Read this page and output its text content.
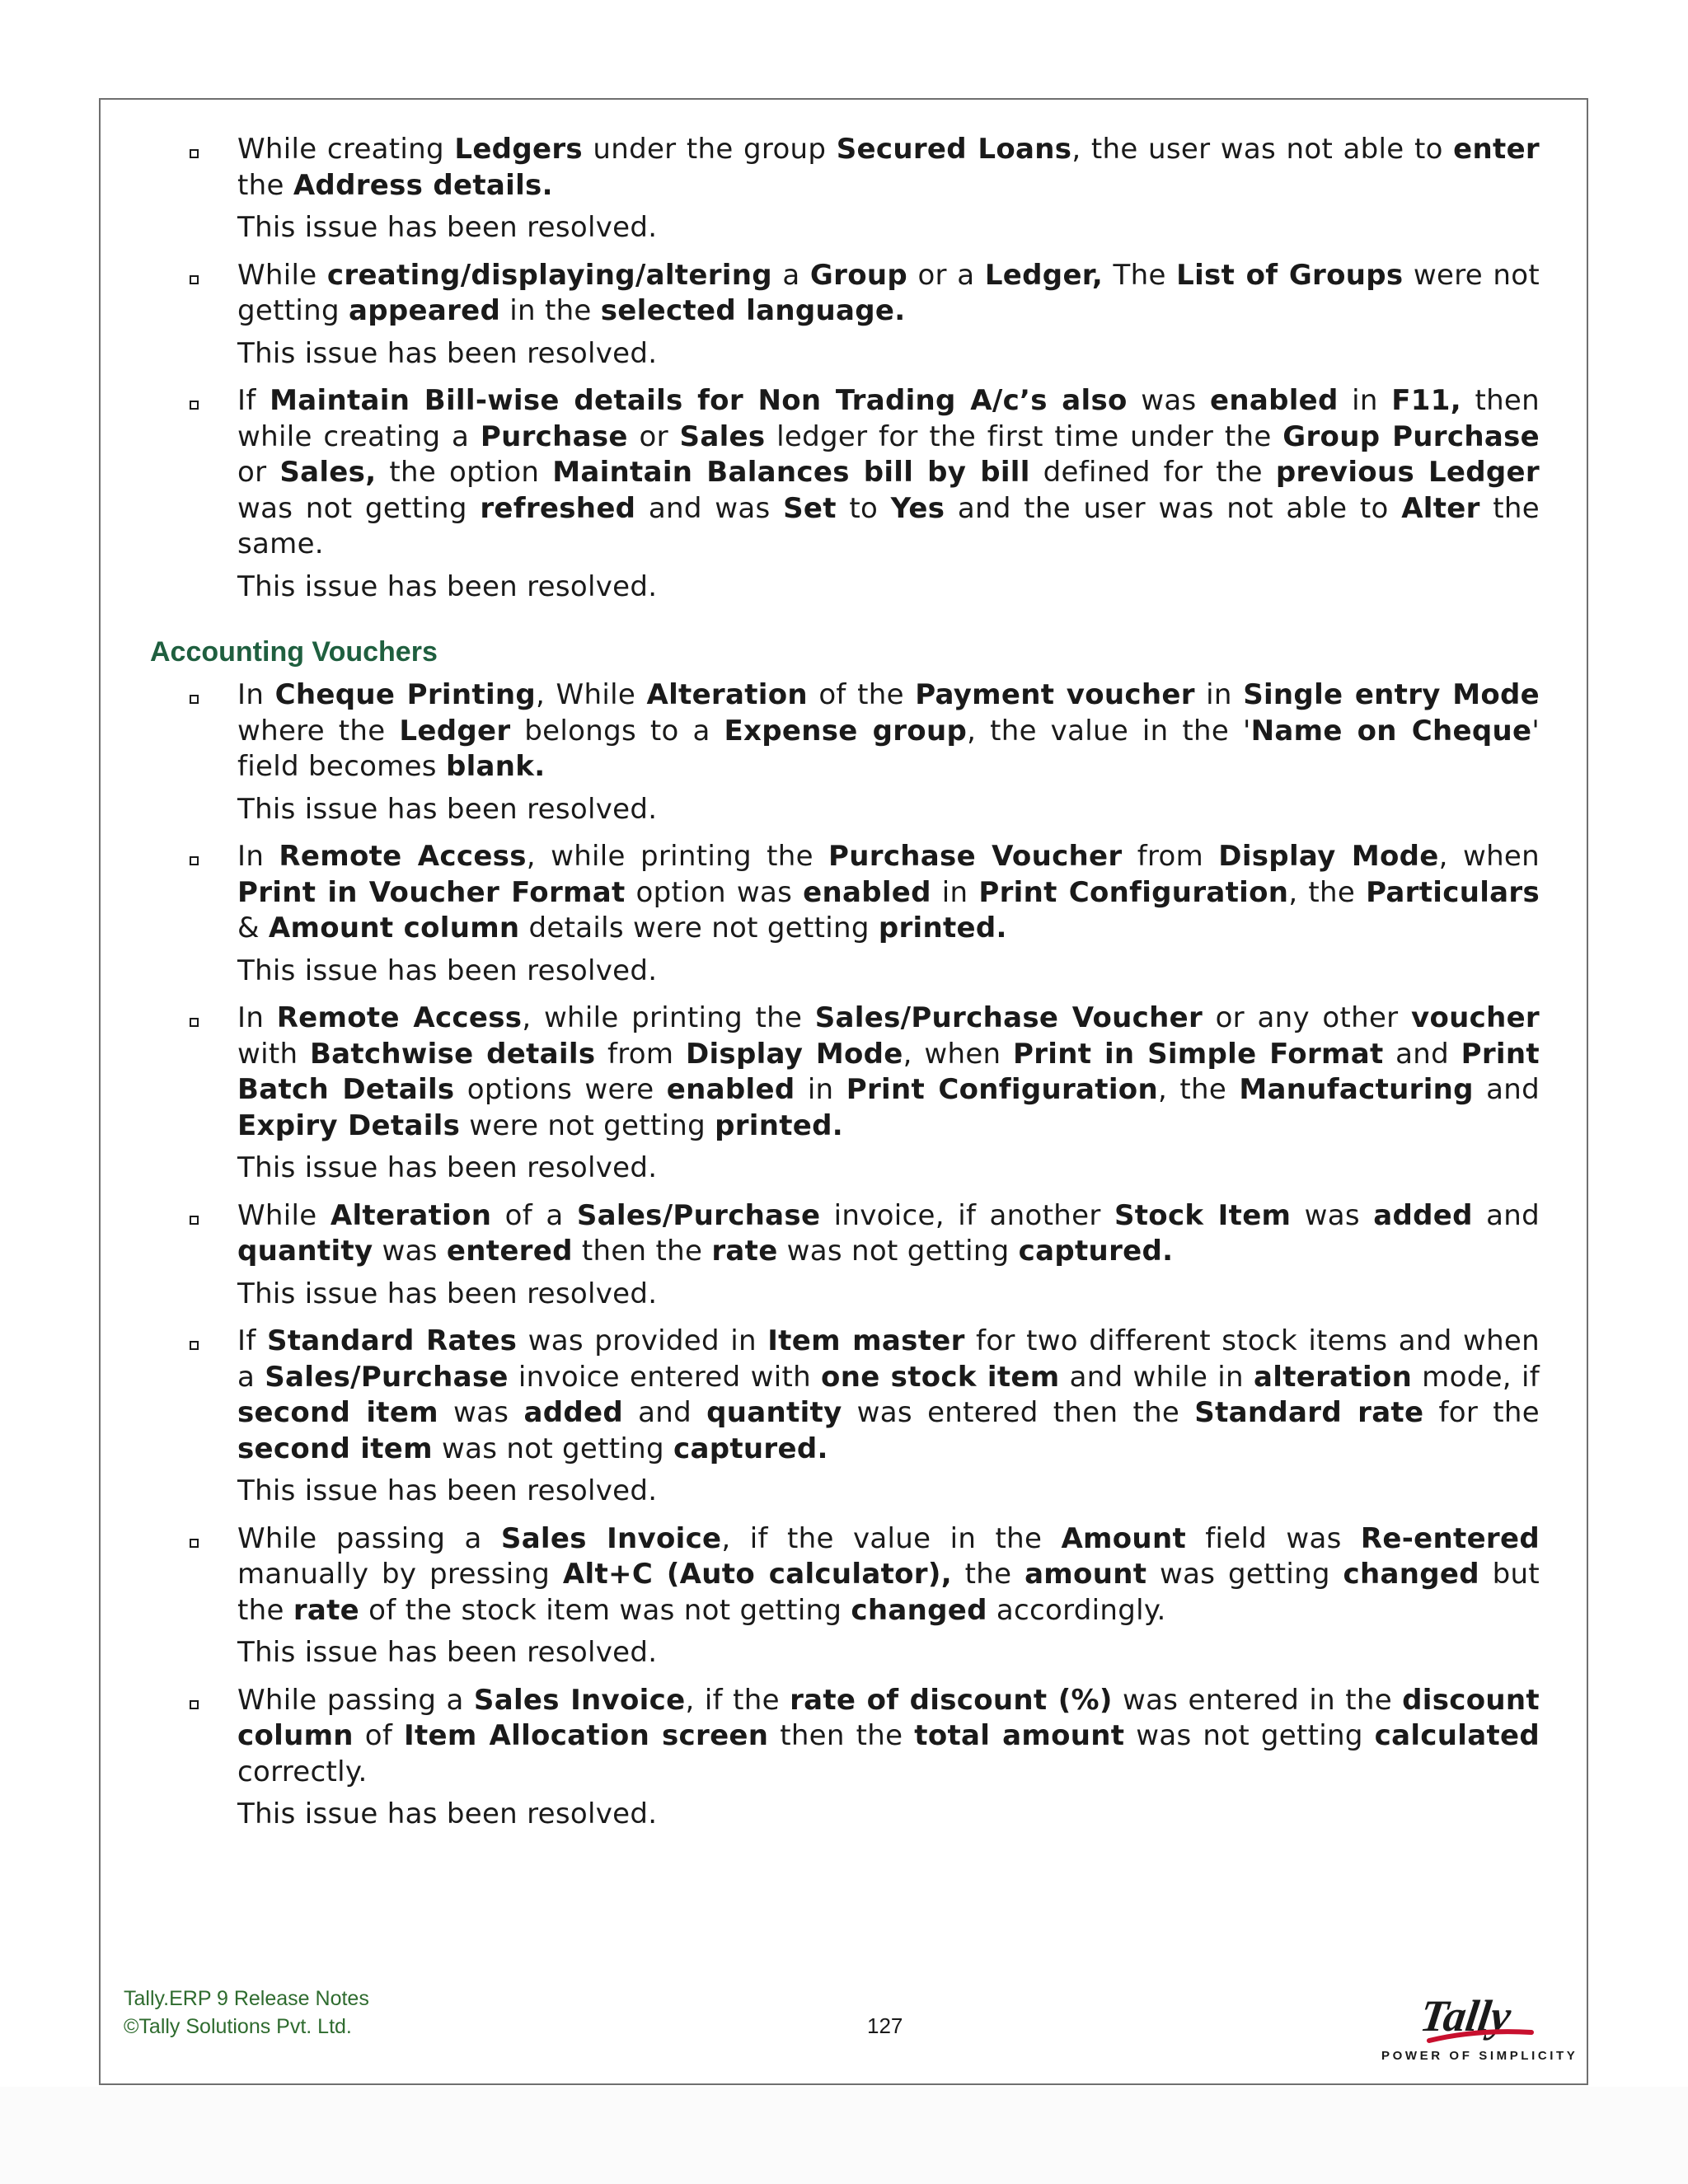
While creating Ledgers under the group Secured Loans, the user was not able to enter the Address details.

This issue has been resolved.

While creating/displaying/altering a Group or a Ledger, The List of Groups were not getting appeared in the selected language.

This issue has been resolved.

If Maintain Bill-wise details for Non Trading A/c’s also was enabled in F11, then while creating a Purchase or Sales ledger for the first time under the Group Purchase or Sales, the option Maintain Balances bill by bill defined for the previous Ledger was not getting refreshed and was Set to Yes and the user was not able to Alter the same.

This issue has been resolved.

Accounting Vouchers

In Cheque Printing, While Alteration of the Payment voucher in Single entry Mode where the Ledger belongs to a Expense group, the value in the 'Name on Cheque' field becomes blank.

This issue has been resolved.

In Remote Access, while printing the Purchase Voucher from Display Mode, when Print in Voucher Format option was enabled in Print Configuration, the Particulars & Amount column details were not getting printed.

This issue has been resolved.

In Remote Access, while printing the Sales/Purchase Voucher or any other voucher with Batchwise details from Display Mode, when Print in Simple Format and Print Batch Details options were enabled in Print Configuration, the Manufacturing and Expiry Details were not getting printed.

This issue has been resolved.

While Alteration of a Sales/Purchase invoice, if another Stock Item was added and quantity was entered then the rate was not getting captured.

This issue has been resolved.

If Standard Rates was provided in Item master for two different stock items and when a Sales/Purchase invoice entered with one stock item and while in alteration mode, if second item was added and quantity was entered then the Standard rate for the second item was not getting captured.

This issue has been resolved.

While passing a Sales Invoice, if the value in the Amount field was Re-entered manually by pressing Alt+C (Auto calculator), the amount was getting changed but the rate of the stock item was not getting changed accordingly.

This issue has been resolved.

While passing a Sales Invoice, if the rate of discount (%) was entered in the discount column of Item Allocation screen then the total amount was not getting calculated correctly.

This issue has been resolved.

Tally.ERP 9 Release Notes
©Tally Solutions Pvt. Ltd.	127	Tally
POWER OF SIMPLICITY
